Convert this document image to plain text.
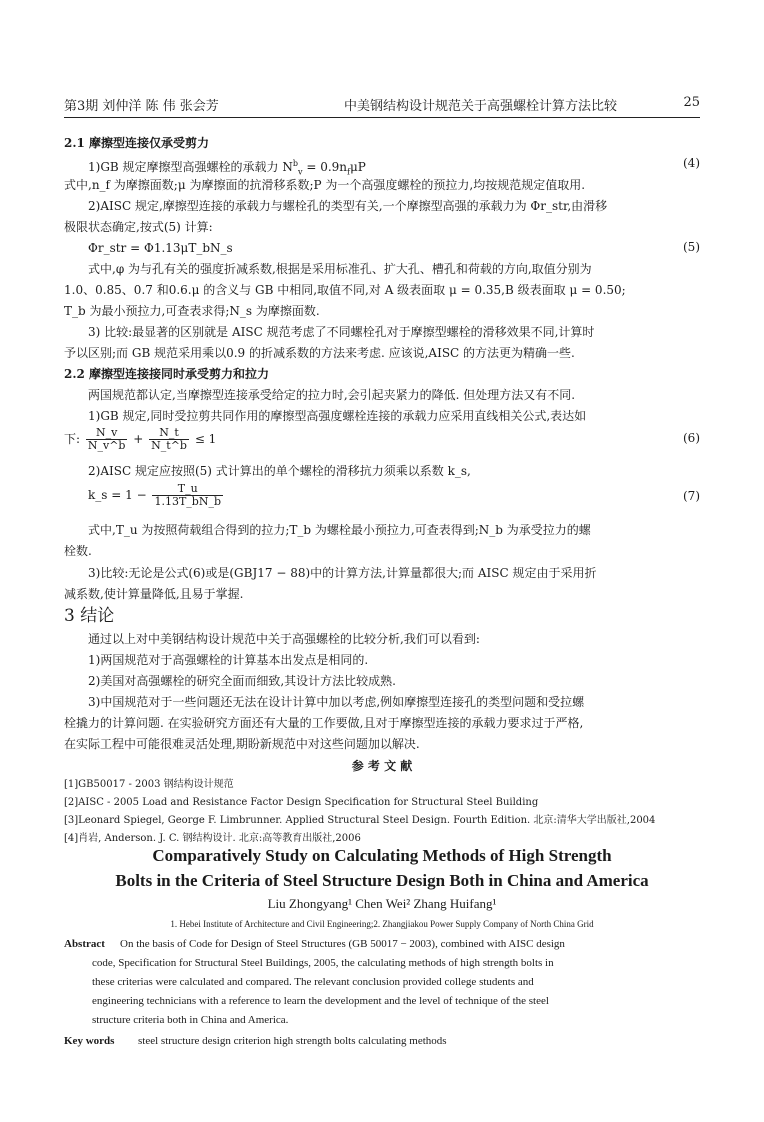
第3期 刘仲洋 陈 伟 张会芳	中美钢结构设计规范关于高强螺栓计算方法比较	25
2.1 摩擦型连接仅承受剪力
1)GB 规定摩擦型高强螺栓的承载力 $N^b_v = 0.9n_f\mu P$	(4)
式中,n_f 为摩擦面数;μ 为摩擦面的抗滑移系数;P 为一个高强度螺栓的预拉力,均按规范规定值取用.
2)AISC 规定,摩擦型连接的承载力与螺栓孔的类型有关,一个摩擦型高强的承载力为 Φr_str,由滑移
极限状态确定,按式(5) 计算:
Φr_str = Φ1.13μT_bN_s	(5)
式中,φ 为与孔有关的强度折减系数,根据是采用标准孔、扩大孔、槽孔和荷载的方向,取值分别为
1.0、0.85、0.7 和0.6.μ 的含义与 GB 中相同,取值不同,对 A 级表面取 μ = 0.35,B 级表面取 μ = 0.50;
T_b 为最小预拉力,可查表求得;N_s 为摩擦面数.
3) 比较:最显著的区别就是 AISC 规范考虑了不同螺栓孔对于摩擦型螺栓的滑移效果不同,计算时
予以区别;而 GB 规范采用乘以0.9 的折减系数的方法来考虑. 应该说,AISC 的方法更为精确一些.
2.2 摩擦型连接接同时承受剪力和拉力
两国规范都认定,当摩擦型连接承受给定的拉力时,会引起夹紧力的降低. 但处理方法又有不同.
1)GB 规定,同时受拉剪共同作用的摩擦型高强度螺栓连接的承载力应采用直线相关公式,表达如
下: $\frac{N\_v}{N\_v\^{}b} + \frac{N\_t}{N\_t\^{}b} \le 1$	(6)
2)AISC 规定应按照(5) 式计算出的单个螺栓的滑移抗力须乘以系数 k_s,
k_s = $1 - \frac{T\_u}{1.13T\_bN\_b}$	(7)
式中,T_u 为按照荷载组合得到的拉力;T_b 为螺栓最小预拉力,可查表得到;N_b 为承受拉力的螺
栓数.
3)比较:无论是公式(6)或是(GBJ17 − 88)中的计算方法,计算量都很大;而 AISC 规定由于采用折
减系数,使计算量降低,且易于掌握.
3 结论
通过以上对中美钢结构设计规范中关于高强螺栓的比较分析,我们可以看到:
1)两国规范对于高强螺栓的计算基本出发点是相同的.
2)美国对高强螺栓的研究全面而细致,其设计方法比较成熟.
3)中国规范对于一些问题还无法在设计计算中加以考虑,例如摩擦型连接孔的类型问题和受拉螺
栓撬力的计算问题. 在实验研究方面还有大量的工作要做,且对于摩擦型连接的承载力要求过于严格,
在实际工程中可能很难灵活处理,期盼新规范中对这些问题加以解决.
参 考 文 献
[1]GB50017 - 2003 钢结构设计规范
[2]AISC - 2005 Load and Resistance Factor Design Specification for Structural Steel Building
[3]Leonard Spiegel, George F. Limbrunner. Applied Structural Steel Design. Fourth Edition. 北京:清华大学出版社,2004
[4]肖岩, Anderson. J. C. 钢结构设计. 北京:高等教育出版社,2006
Comparatively Study on Calculating Methods of High Strength
Bolts in the Criteria of Steel Structure Design Both in China and America
Liu Zhongyang¹ Chen Wei² Zhang Huifang¹
1. Hebei Institute of Architecture and Civil Engineering;2. Zhangjiakou Power Supply Company of North China Grid
Abstract On the basis of Code for Design of Steel Structures (GB 50017 − 2003), combined with AISC design
code, Specification for Structural Steel Buildings, 2005, the calculating methods of high strength bolts in
these criterias were calculated and compared. The relevant conclusion provided college students and
engineering technicians with a reference to learn the development and the level of technique of the steel
structure criteria both in China and America.
Key words steel structure design criterion high strength bolts calculating methods
